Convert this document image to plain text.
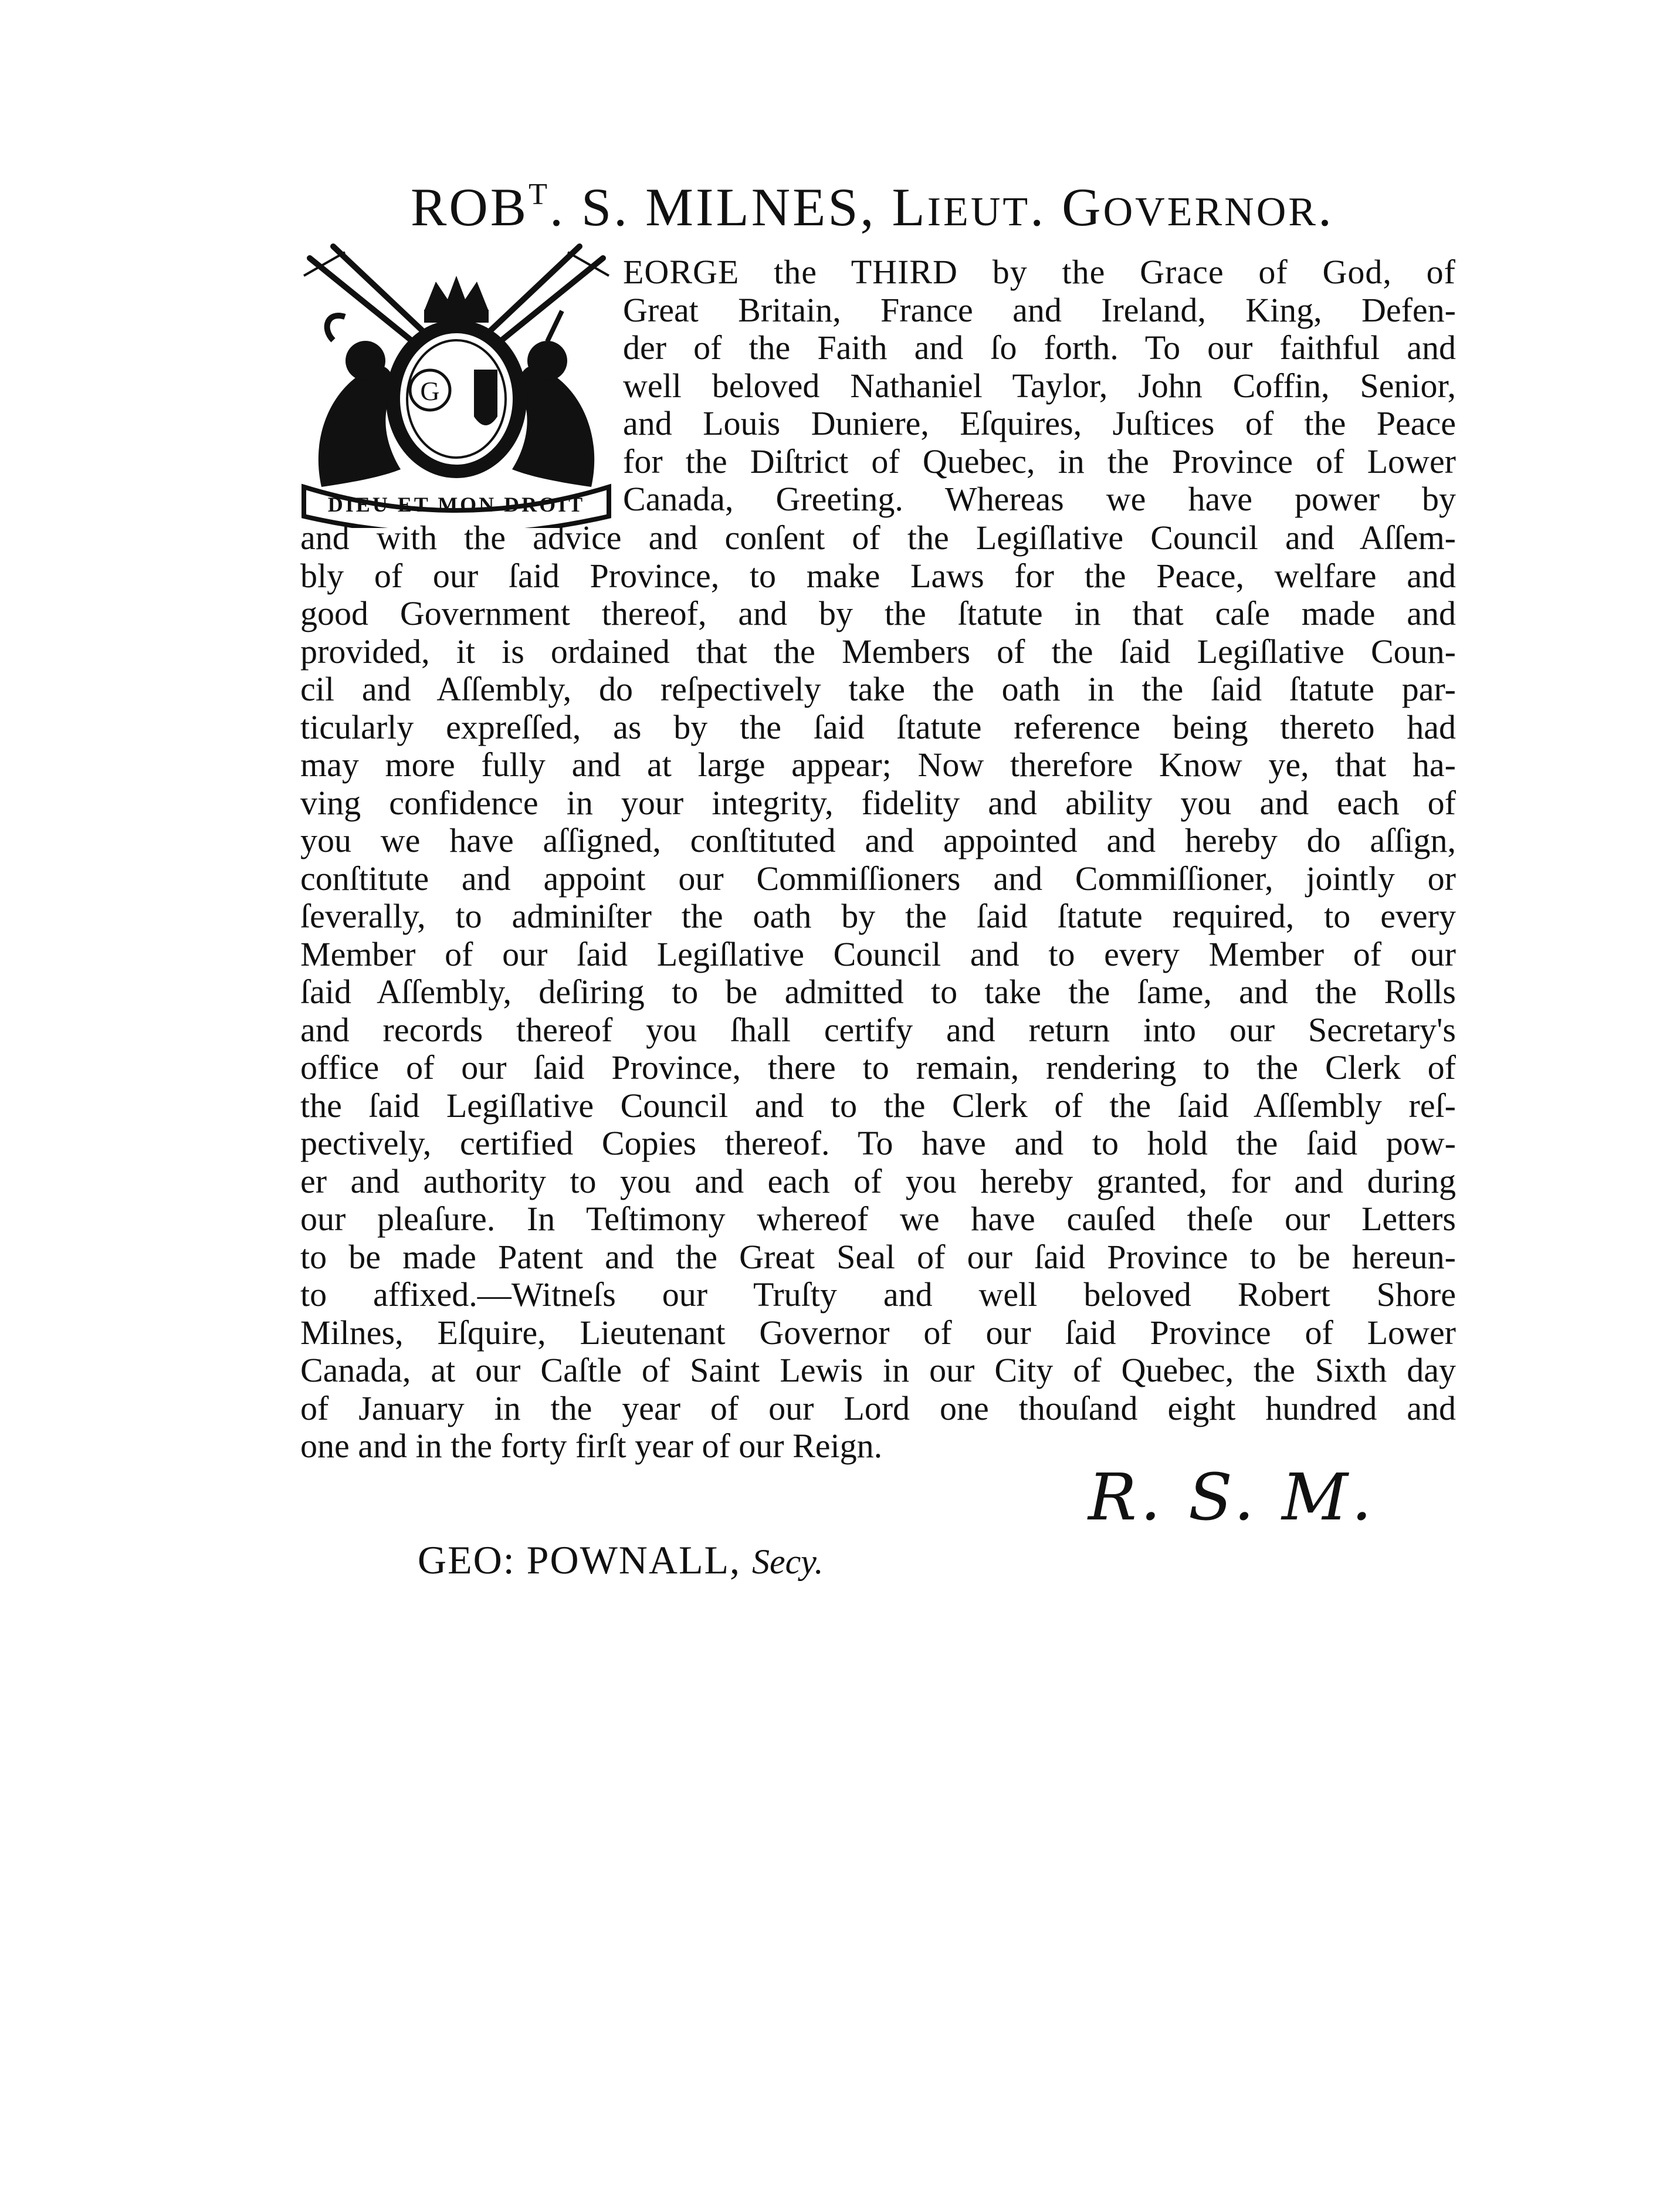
$ROB^T$. S. MILNES, LIEUT. GOVERNOR.
G
DIEU ET MON DROIT
EORGE the THIRD by the Grace of God, of
Great Britain, France and Ireland, King, Defen-
der of the Faith and ſo forth. To our faithful and
well beloved Nathaniel Taylor, John Coffin, Senior,
and Louis Duniere, Eſquires, Juſtices of the Peace
for the Diſtrict of Quebec, in the Province of Lower
Canada, Greeting. Whereas we have power by
and with the advice and conſent of the Legiſlative Council and Aſſem-
bly of our ſaid Province, to make Laws for the Peace, welfare and
good Government thereof, and by the ſtatute in that caſe made and
provided, it is ordained that the Members of the ſaid Legiſlative Coun-
cil and Aſſembly, do reſpectively take the oath in the ſaid ſtatute par-
ticularly expreſſed, as by the ſaid ſtatute reference being thereto had
may more fully and at large appear; Now therefore Know ye, that ha-
ving confidence in your integrity, fidelity and ability you and each of
you we have aſſigned, conſtituted and appointed and hereby do aſſign,
conſtitute and appoint our Commiſſioners and Commiſſioner, jointly or
ſeverally, to adminiſter the oath by the ſaid ſtatute required, to every
Member of our ſaid Legiſlative Council and to every Member of our
ſaid Aſſembly, deſiring to be admitted to take the ſame, and the Rolls
and records thereof you ſhall certify and return into our Secretary's
office of our ſaid Province, there to remain, rendering to the Clerk of
the ſaid Legiſlative Council and to the Clerk of the ſaid Aſſembly reſ-
pectively, certified Copies thereof. To have and to hold the ſaid pow-
er and authority to you and each of you hereby granted, for and during
our pleaſure. In Teſtimony whereof we have cauſed theſe our Letters
to be made Patent and the Great Seal of our ſaid Province to be hereun-
to affixed.—Witneſs our Truſty and well beloved Robert Shore
Milnes, Eſquire, Lieutenant Governor of our ſaid Province of Lower
Canada, at our Caſtle of Saint Lewis in our City of Quebec, the Sixth day
of January in the year of our Lord one thouſand eight hundred and
one and in the forty firſt year of our Reign.
R. S. M.
GEO: POWNALL, Secy.
